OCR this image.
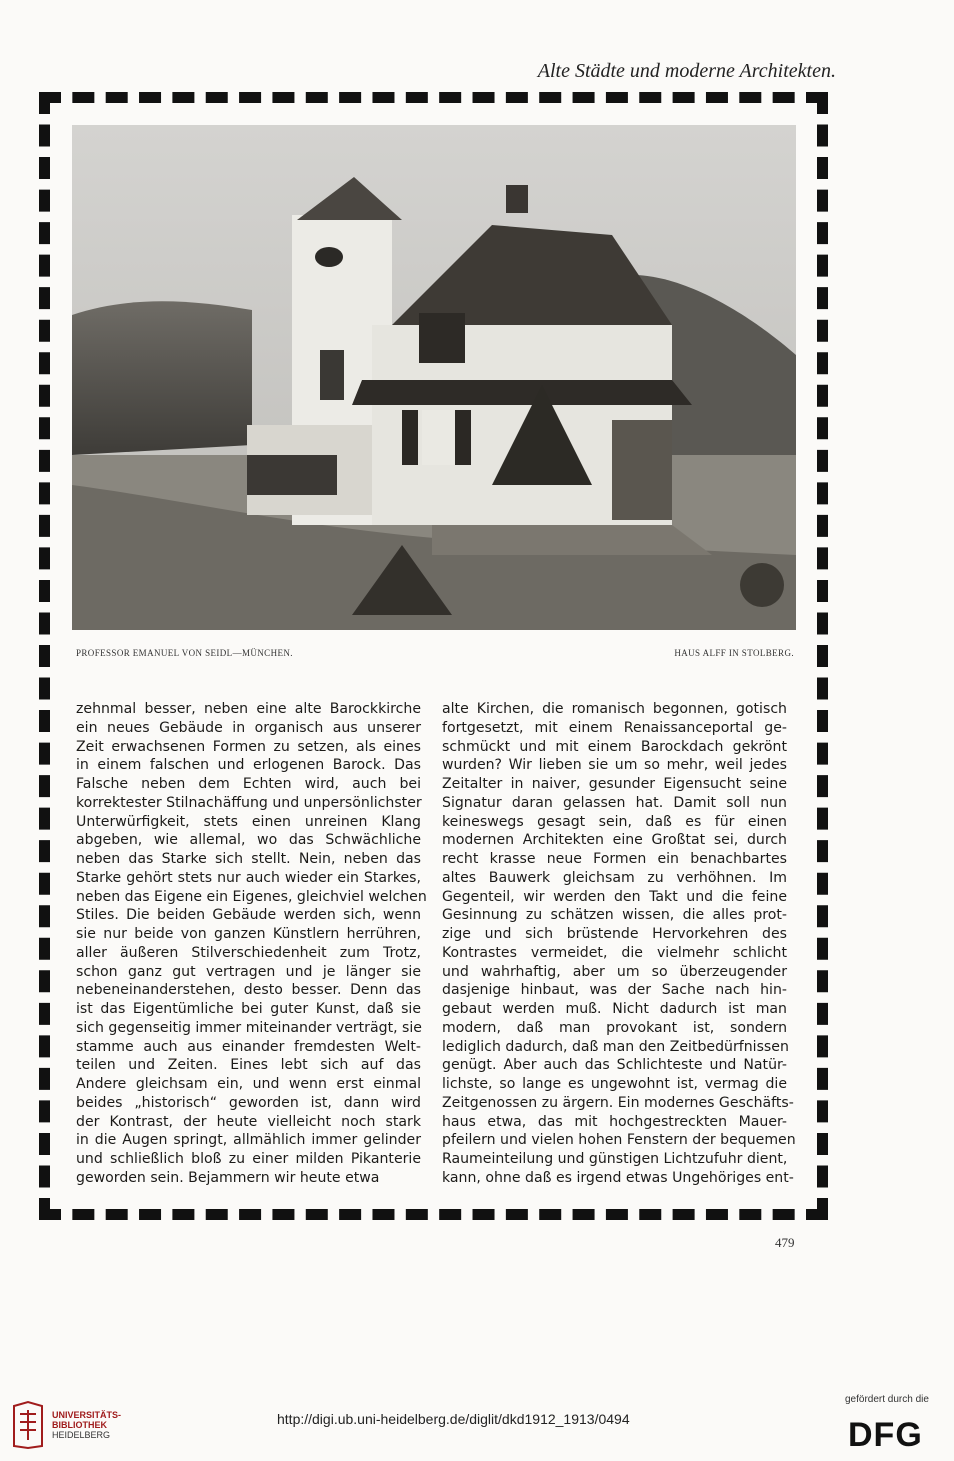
Alte Städte und moderne Architekten.
PROFESSOR EMANUEL VON SEIDL—MÜNCHEN.	HAUS ALFF IN STOLBERG.
zehnmal besser, neben eine alte Barockkirche
ein neues Gebäude in organisch aus unserer
Zeit erwachsenen Formen zu setzen, als eines
in einem falschen und erlogenen Barock. Das
Falsche neben dem Echten wird, auch bei
korrektester Stilnachäffung und unpersönlichster
Unterwürfigkeit, stets einen unreinen Klang
abgeben, wie allemal, wo das Schwächliche
neben das Starke sich stellt. Nein, neben das
Starke gehört stets nur auch wieder ein Starkes,
neben das Eigene ein Eigenes, gleichviel welchen
Stiles. Die beiden Gebäude werden sich, wenn
sie nur beide von ganzen Künstlern herrühren,
aller äußeren Stilverschiedenheit zum Trotz,
schon ganz gut vertragen und je länger sie
nebeneinanderstehen, desto besser. Denn das
ist das Eigentümliche bei guter Kunst, daß sie
sich gegenseitig immer miteinander verträgt, sie
stamme auch aus einander fremdesten Welt-
teilen und Zeiten. Eines lebt sich auf das
Andere gleichsam ein, und wenn erst einmal
beides „historisch“ geworden ist, dann wird
der Kontrast, der heute vielleicht noch stark
in die Augen springt, allmählich immer gelinder
und schließlich bloß zu einer milden Pikanterie
geworden sein. Bejammern wir heute etwa
alte Kirchen, die romanisch begonnen, gotisch
fortgesetzt, mit einem Renaissanceportal ge-
schmückt und mit einem Barockdach gekrönt
wurden? Wir lieben sie um so mehr, weil jedes
Zeitalter in naiver, gesunder Eigensucht seine
Signatur daran gelassen hat. Damit soll nun
keineswegs gesagt sein, daß es für einen
modernen Architekten eine Großtat sei, durch
recht krasse neue Formen ein benachbartes
altes Bauwerk gleichsam zu verhöhnen. Im
Gegenteil, wir werden den Takt und die feine
Gesinnung zu schätzen wissen, die alles prot-
zige und sich brüstende Hervorkehren des
Kontrastes vermeidet, die vielmehr schlicht
und wahrhaftig, aber um so überzeugender
dasjenige hinbaut, was der Sache nach hin-
gebaut werden muß. Nicht dadurch ist man
modern, daß man provokant ist, sondern
lediglich dadurch, daß man den Zeitbedürfnissen
genügt. Aber auch das Schlichteste und Natür-
lichste, so lange es ungewohnt ist, vermag die
Zeitgenossen zu ärgern. Ein modernes Geschäfts-
haus etwa, das mit hochgestreckten Mauer-
pfeilern und vielen hohen Fenstern der bequemen
Raumeinteilung und günstigen Lichtzufuhr dient,
kann, ohne daß es irgend etwas Ungehöriges ent-
479
UNIVERSITÄTS-
BIBLIOTHEK
HEIDELBERG
http://digi.ub.uni-heidelberg.de/diglit/dkd1912_1913/0494
gefördert durch die
DFG
